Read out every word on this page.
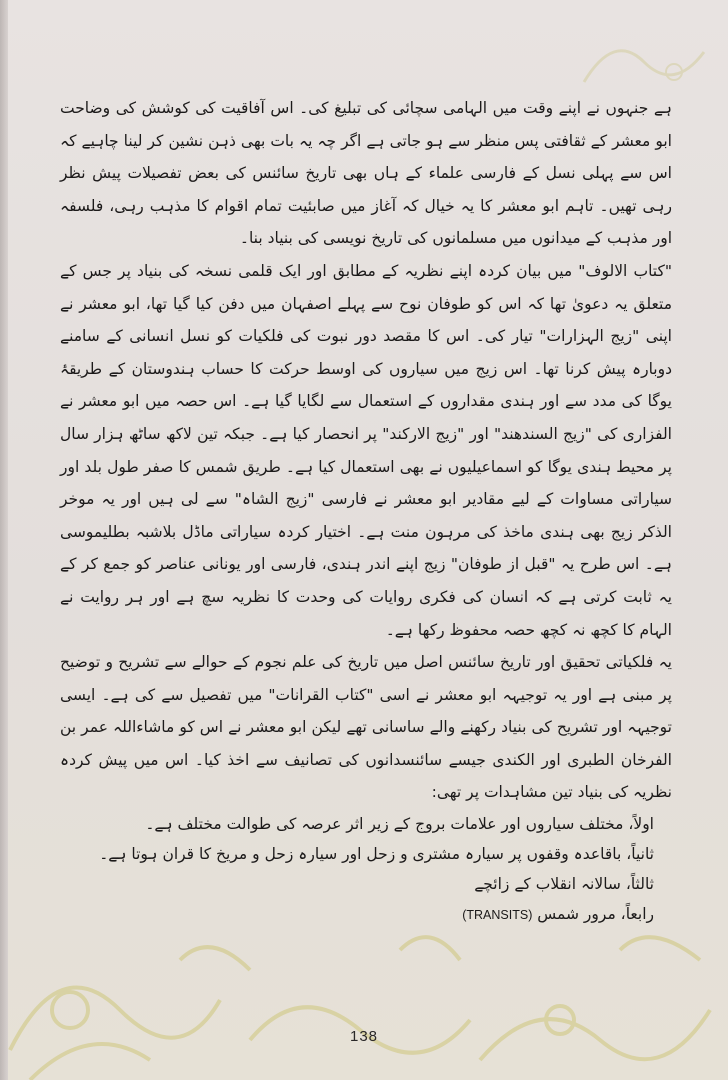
ہے جنہوں نے اپنے وقت میں الہامی سچائی کی تبلیغ کی۔ اس آفاقیت کی کوشش کی وضاحت ابو معشر کے ثقافتی پس منظر سے ہو جاتی ہے اگر چہ یہ بات بھی ذہن نشین کر لینا چاہیے کہ اس سے پہلی نسل کے فارسی علماء کے ہاں بھی تاریخ سائنس کی بعض تفصیلات پیش نظر رہی تھیں۔ تاہم ابو معشر کا یہ خیال کہ آغاز میں صابئیت تمام اقوام کا مذہب رہی، فلسفہ اور مذہب کے میدانوں میں مسلمانوں کی تاریخ نویسی کی بنیاد بنا۔

"کتاب الالوف" میں بیان کردہ اپنے نظریہ کے مطابق اور ایک قلمی نسخہ کی بنیاد پر جس کے متعلق یہ دعویٰ تھا کہ اس کو طوفان نوح سے پہلے اصفہان میں دفن کیا گیا تھا، ابو معشر نے اپنی "زیج الہزارات" تیار کی۔ اس کا مقصد دور نبوت کی فلکیات کو نسل انسانی کے سامنے دوبارہ پیش کرنا تھا۔ اس زیج میں سیاروں کی اوسط حرکت کا حساب ہندوستان کے طریقۂ یوگا کی مدد سے اور ہندی مقداروں کے استعمال سے لگایا گیا ہے۔ اس حصہ میں ابو معشر نے الفزاری کی "زیج السندھند" اور "زیج الارکند" پر انحصار کیا ہے۔ جبکہ تین لاکھ ساٹھ ہزار سال پر محیط ہندی یوگا کو اسماعیلیوں نے بھی استعمال کیا ہے۔ طریق شمس کا صفر طول بلد اور سیاراتی مساوات کے لیے مقادیر ابو معشر نے فارسی "زیج الشاہ" سے لی ہیں اور یہ موخر الذکر زیج بھی ہندی ماخذ کی مرہون منت ہے۔ اختیار کردہ سیاراتی ماڈل بلاشبہ بطلیموسی ہے۔ اس طرح یہ "قبل از طوفان" زیج اپنے اندر ہندی، فارسی اور یونانی عناصر کو جمع کر کے یہ ثابت کرتی ہے کہ انسان کی فکری روایات کی وحدت کا نظریہ سچ ہے اور ہر روایت نے الہام کا کچھ نہ کچھ حصہ محفوظ رکھا ہے۔

یہ فلکیاتی تحقیق اور تاریخ سائنس اصل میں تاریخ کی علم نجوم کے حوالے سے تشریح و توضیح پر مبنی ہے اور یہ توجیہہ ابو معشر نے اسی "کتاب القرانات" میں تفصیل سے کی ہے۔ ایسی توجیہہ اور تشریح کی بنیاد رکھنے والے ساسانی تھے لیکن ابو معشر نے اس کو ماشاءاللہ عمر بن الفرخان الطبری اور الکندی جیسے سائنسدانوں کی تصانیف سے اخذ کیا۔ اس میں پیش کردہ نظریہ کی بنیاد تین مشاہدات پر تھی:

اولاً، مختلف سیاروں اور علامات بروج کے زیر اثر عرصہ کی طوالت مختلف ہے۔

ثانیاً، باقاعدہ وقفوں پر سیارہ مشتری و زحل اور سیارہ زحل و مریخ کا قران ہوتا ہے۔

ثالثاً، سالانہ انقلاب کے زائچے

رابعاً، مرور شمس (TRANSITS)

138
